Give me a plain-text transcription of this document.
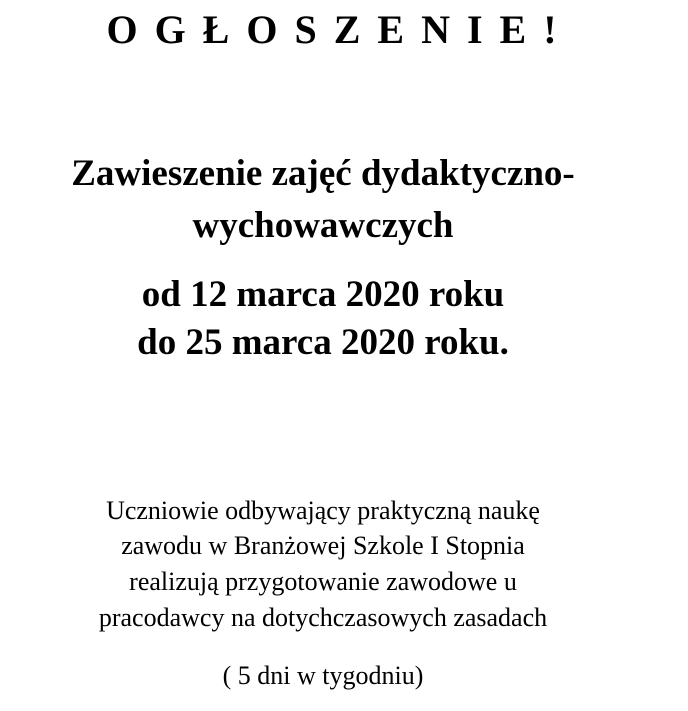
OGŁOSZENIE!
Zawieszenie zajęć dydaktyczno-
wychowawczych
od 12 marca 2020 roku
do 25 marca 2020 roku.
Uczniowie odbywający praktyczną naukę
zawodu w Branżowej Szkole I Stopnia
realizują przygotowanie zawodowe u
pracodawcy na dotychczasowych zasadach
( 5 dni w tygodniu)
